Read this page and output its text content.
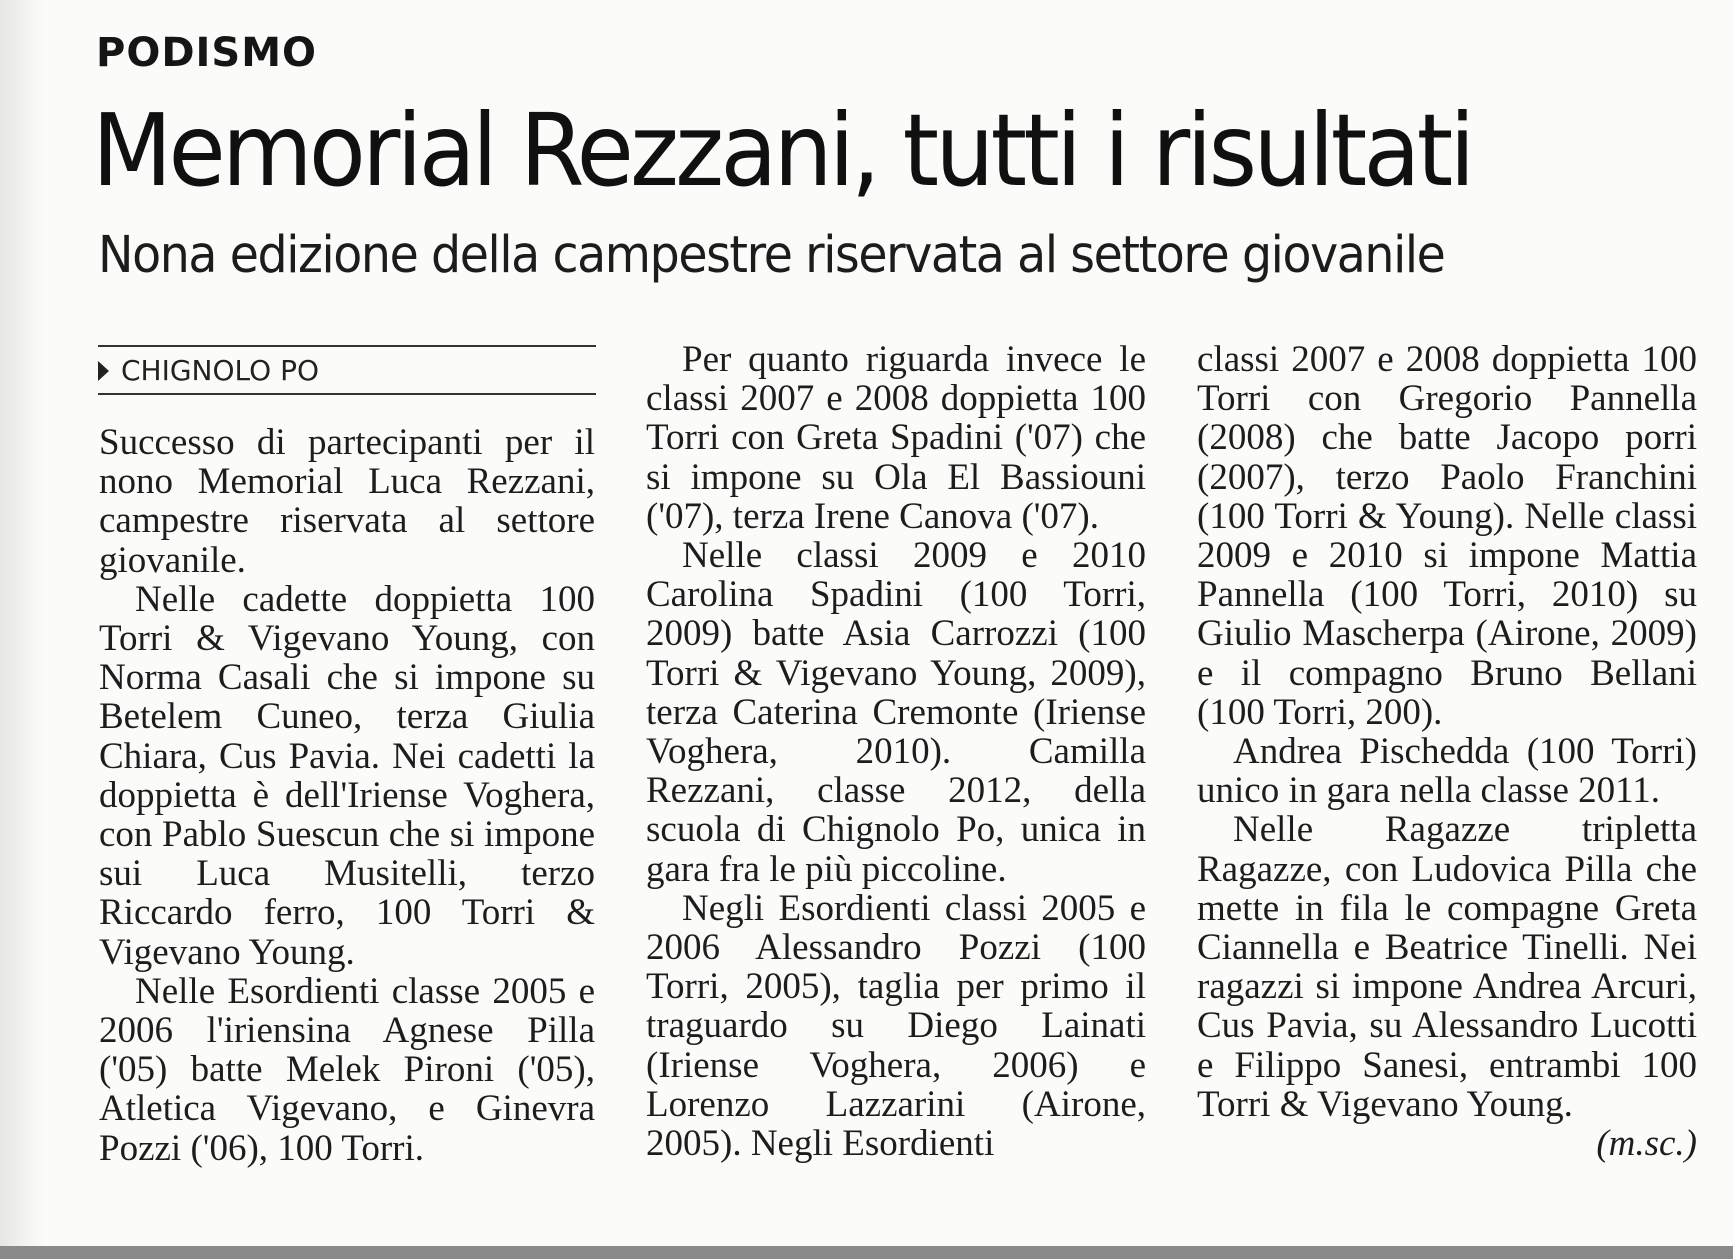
PODISMO
Memorial Rezzani, tutti i risultati
Nona edizione della campestre riservata al settore giovanile
CHIGNOLO PO

Successo di partecipanti per il nono Memorial Luca Rezzani, campestre riservata al settore giovanile.

Nelle cadette doppietta 100 Torri & Vigevano Young, con Norma Casali che si impone su Betelem Cuneo, terza Giulia Chiara, Cus Pavia. Nei cadetti la doppietta è dell'Iriense Voghera, con Pablo Suescun che si impone sui Luca Musitelli, terzo Riccardo ferro, 100 Torri & Vigevano Young.

Nelle Esordienti classe 2005 e 2006 l'iriensina Agnese Pilla ('05) batte Melek Pironi ('05), Atletica Vigevano, e Ginevra Pozzi ('06), 100 Torri.

Per quanto riguarda invece le classi 2007 e 2008 doppietta 100 Torri con Greta Spadini ('07) che si impone su Ola El Bassiouni ('07), terza Irene Canova ('07).

Nelle classi 2009 e 2010 Carolina Spadini (100 Torri, 2009) batte Asia Carrozzi (100 Torri & Vigevano Young, 2009), terza Caterina Cremonte (Iriense Voghera, 2010). Camilla Rezzani, classe 2012, della scuola di Chignolo Po, unica in gara fra le più piccoline.

Negli Esordienti classi 2005 e 2006 Alessandro Pozzi (100 Torri, 2005), taglia per primo il traguardo su Diego Lainati (Iriense Voghera, 2006) e Lorenzo Lazzarini (Airone, 2005). Negli Esordienti

classi 2007 e 2008 doppietta 100 Torri con Gregorio Pannella (2008) che batte Jacopo porri (2007), terzo Paolo Franchini (100 Torri & Young). Nelle classi 2009 e 2010 si impone Mattia Pannella (100 Torri, 2010) su Giulio Mascherpa (Airone, 2009) e il compagno Bruno Bellani (100 Torri, 200).

Andrea Pischedda (100 Torri) unico in gara nella classe 2011.

Nelle Ragazze tripletta Ragazze, con Ludovica Pilla che mette in fila le compagne Greta Ciannella e Beatrice Tinelli. Nei ragazzi si impone Andrea Arcuri, Cus Pavia, su Alessandro Lucotti e Filippo Sanesi, entrambi 100 Torri & Vigevano Young.
(m.sc.)
